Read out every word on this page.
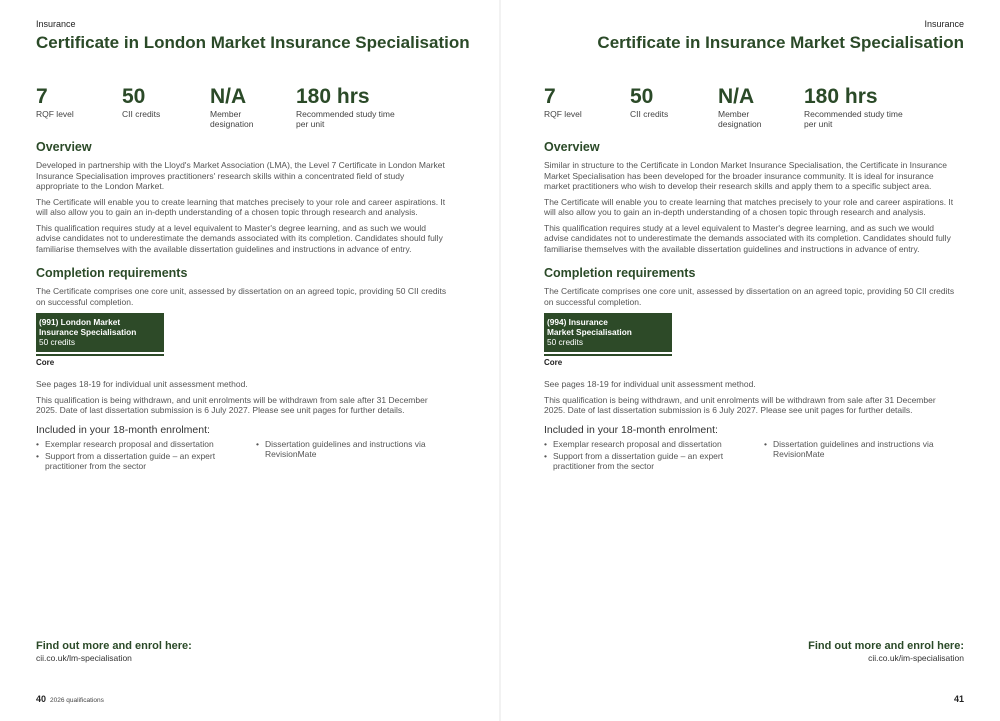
Insurance
Certificate in London Market Insurance Specialisation
7
RQF level
50
CII credits
N/A
Member designation
180 hrs
Recommended study time per unit
Overview

Developed in partnership with the Lloyd's Market Association (LMA), the Level 7 Certificate in London Market Insurance Specialisation improves practitioners' research skills within a concentrated field of study appropriate to the London Market.

The Certificate will enable you to create learning that matches precisely to your role and career aspirations. It will also allow you to gain an in-depth understanding of a chosen topic through research and analysis.

This qualification requires study at a level equivalent to Master's degree learning, and as such we would advise candidates not to underestimate the demands associated with its completion. Candidates should fully familiarise themselves with the available dissertation guidelines and instructions in advance of entry.

Completion requirements

The Certificate comprises one core unit, assessed by dissertation on an agreed topic, providing 50 CII credits on successful completion.

(991) London Market
Insurance Specialisation
50 credits
Core

See pages 18-19 for individual unit assessment method.

This qualification is being withdrawn, and unit enrolments will be withdrawn from sale after 31 December 2025. Date of last dissertation submission is 6 July 2027. Please see unit pages for further details.

Included in your 18-month enrolment:
• Exemplar research proposal and dissertation
• Support from a dissertation guide – an expert practitioner from the sector
• Dissertation guidelines and instructions via RevisionMate
Find out more and enrol here:
cii.co.uk/lm-specialisation
40 2026 qualifications
Insurance
Certificate in Insurance Market Specialisation
7
RQF level
50
CII credits
N/A
Member designation
180 hrs
Recommended study time per unit
Overview

Similar in structure to the Certificate in London Market Insurance Specialisation, the Certificate in Insurance Market Specialisation has been developed for the broader insurance community. It is ideal for insurance market practitioners who wish to develop their research skills and apply them to a specific subject area.

The Certificate will enable you to create learning that matches precisely to your role and career aspirations. It will also allow you to gain an in-depth understanding of a chosen topic through research and analysis.

This qualification requires study at a level equivalent to Master's degree learning, and as such we would advise candidates not to underestimate the demands associated with its completion. Candidates should fully familiarise themselves with the available dissertation guidelines and instructions in advance of entry.

Completion requirements

The Certificate comprises one core unit, assessed by dissertation on an agreed topic, providing 50 CII credits on successful completion.

(994) Insurance
Market Specialisation
50 credits
Core

See pages 18-19 for individual unit assessment method.

This qualification is being withdrawn, and unit enrolments will be withdrawn from sale after 31 December 2025. Date of last dissertation submission is 6 July 2027. Please see unit pages for further details.

Included in your 18-month enrolment:
• Exemplar research proposal and dissertation
• Support from a dissertation guide – an expert practitioner from the sector
• Dissertation guidelines and instructions via RevisionMate
Find out more and enrol here:
cii.co.uk/im-specialisation
41
